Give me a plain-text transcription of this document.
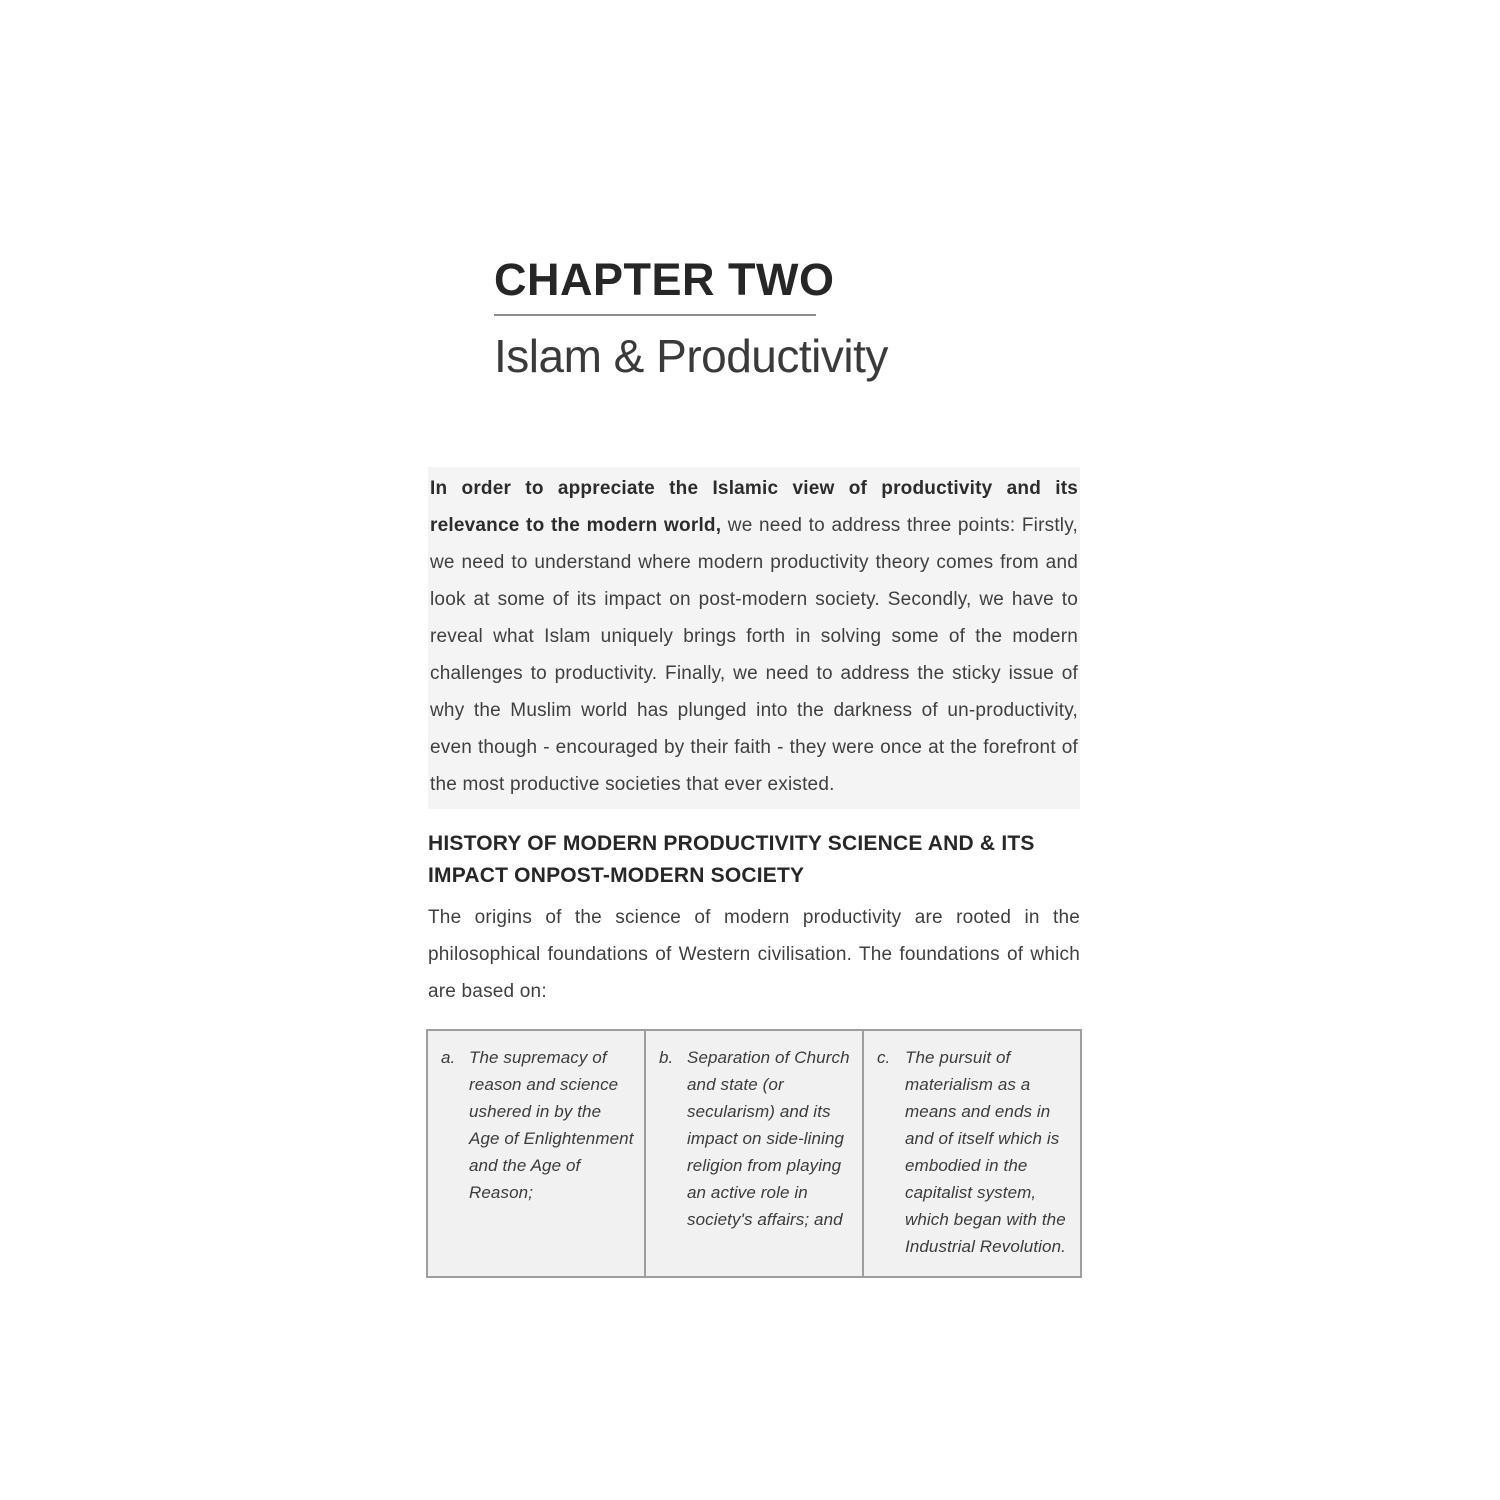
CHAPTER TWO
Islam & Productivity

In order to appreciate the Islamic view of productivity and its relevance to the modern world, we need to address three points: Firstly, we need to understand where modern productivity theory comes from and look at some of its impact on post-modern society. Secondly, we have to reveal what Islam uniquely brings forth in solving some of the modern challenges to productivity. Finally, we need to address the sticky issue of why the Muslim world has plunged into the darkness of un-productivity, even though - encouraged by their faith - they were once at the forefront of the most productive societies that ever existed.

HISTORY OF MODERN PRODUCTIVITY SCIENCE AND & ITS IMPACT ONPOST-MODERN SOCIETY

The origins of the science of modern productivity are rooted in the philosophical foundations of Western civilisation. The foundations of which are based on:

a. The supremacy of reason and science ushered in by the Age of Enlightenment and the Age of Reason;
b. Separation of Church and state (or secularism) and its impact on side-lining religion from playing an active role in society's affairs; and
c. The pursuit of materialism as a means and ends in and of itself which is embodied in the capitalist system, which began with the Industrial Revolution.
